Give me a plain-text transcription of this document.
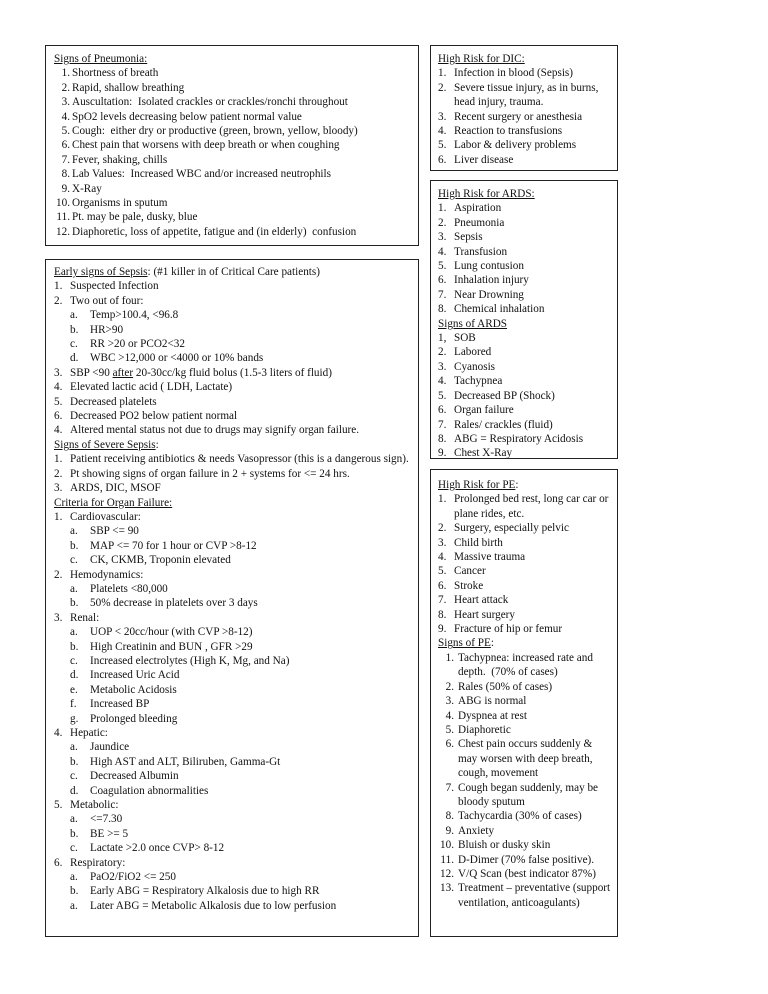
Signs of Pneumonia:
1. Shortness of breath
2. Rapid, shallow breathing
3. Auscultation:  Isolated crackles or crackles/ronchi throughout
4. SpO2 levels decreasing below patient normal value
5. Cough:  either dry or productive (green, brown, yellow, bloody)
6. Chest pain that worsens with deep breath or when coughing
7. Fever, shaking, chills
8. Lab Values:  Increased WBC and/or increased neutrophils
9. X-Ray
10. Organisms in sputum
11. Pt. may be pale, dusky, blue
12. Diaphoretic, loss of appetite, fatigue and (in elderly)  confusion
Early signs of Sepsis: (#1 killer in of Critical Care patients)
1. Suspected Infection
2. Two out of four:
a. Temp>100.4, <96.8
b. HR>90
c. RR >20 or PCO2<32
d. WBC >12,000 or <4000 or 10% bands
3. SBP <90 after 20-30cc/kg fluid bolus (1.5-3 liters of fluid)
4. Elevated lactic acid ( LDH, Lactate)
5. Decreased platelets
6. Decreased PO2 below patient normal
4. Altered mental status not due to drugs may signify organ failure.
Signs of Severe Sepsis:
1. Patient receiving antibiotics & needs Vasopressor (this is a dangerous sign).
2. Pt showing signs of organ failure in 2 + systems for <= 24 hrs.
3. ARDS, DIC, MSOF
Criteria for Organ Failure:
1. Cardiovascular:
a. SBP <= 90
b. MAP <= 70 for 1 hour or CVP >8-12
c. CK, CKMB, Troponin elevated
2. Hemodynamics:
a. Platelets <80,000
b. 50% decrease in platelets over 3 days
3. Renal:
a. UOP < 20cc/hour (with CVP >8-12)
b. High Creatinin and BUN , GFR >29
c. Increased electrolytes (High K, Mg, and Na)
d. Increased Uric Acid
e. Metabolic Acidosis
f. Increased BP
g. Prolonged bleeding
4. Hepatic:
a. Jaundice
b. High AST and ALT, Biliruben, Gamma-Gt
c. Decreased Albumin
d. Coagulation abnormalities
5. Metabolic:
a. <=7.30
b. BE >= 5
c. Lactate >2.0 once CVP> 8-12
6. Respiratory:
a. PaO2/FiO2 <= 250
b. Early ABG = Respiratory Alkalosis due to high RR
a. Later ABG = Metabolic Alkalosis due to low perfusion
High Risk for DIC:
1. Infection in blood (Sepsis)
2. Severe tissue injury, as in burns, head injury, trauma.
3. Recent surgery or anesthesia
4. Reaction to transfusions
5. Labor & delivery problems
6. Liver disease
High Risk for ARDS:
1. Aspiration
2. Pneumonia
3. Sepsis
4. Transfusion
5. Lung contusion
6. Inhalation injury
7. Near Drowning
8. Chemical inhalation
Signs of ARDS
1, SOB
2. Labored
3. Cyanosis
4. Tachypnea
5. Decreased BP (Shock)
6. Organ failure
7. Rales/ crackles (fluid)
8. ABG = Respiratory Acidosis
9. Chest X-Ray
High Risk for PE:
1. Prolonged bed rest, long car car or plane rides, etc.
2. Surgery, especially pelvic
3. Child birth
4. Massive trauma
5. Cancer
6. Stroke
7. Heart attack
8. Heart surgery
9. Fracture of hip or femur
Signs of PE:
1. Tachypnea: increased rate and depth.  (70% of cases)
2. Rales (50% of cases)
3. ABG is normal
4. Dyspnea at rest
5. Diaphoretic
6. Chest pain occurs suddenly & may worsen with deep breath, cough, movement
7. Cough began suddenly, may be bloody sputum
8. Tachycardia (30% of cases)
9. Anxiety
10. Bluish or dusky skin
11. D-Dimer (70% false positive).
12. V/Q Scan (best indicator 87%)
13. Treatment – preventative (support ventilation, anticoagulants)
